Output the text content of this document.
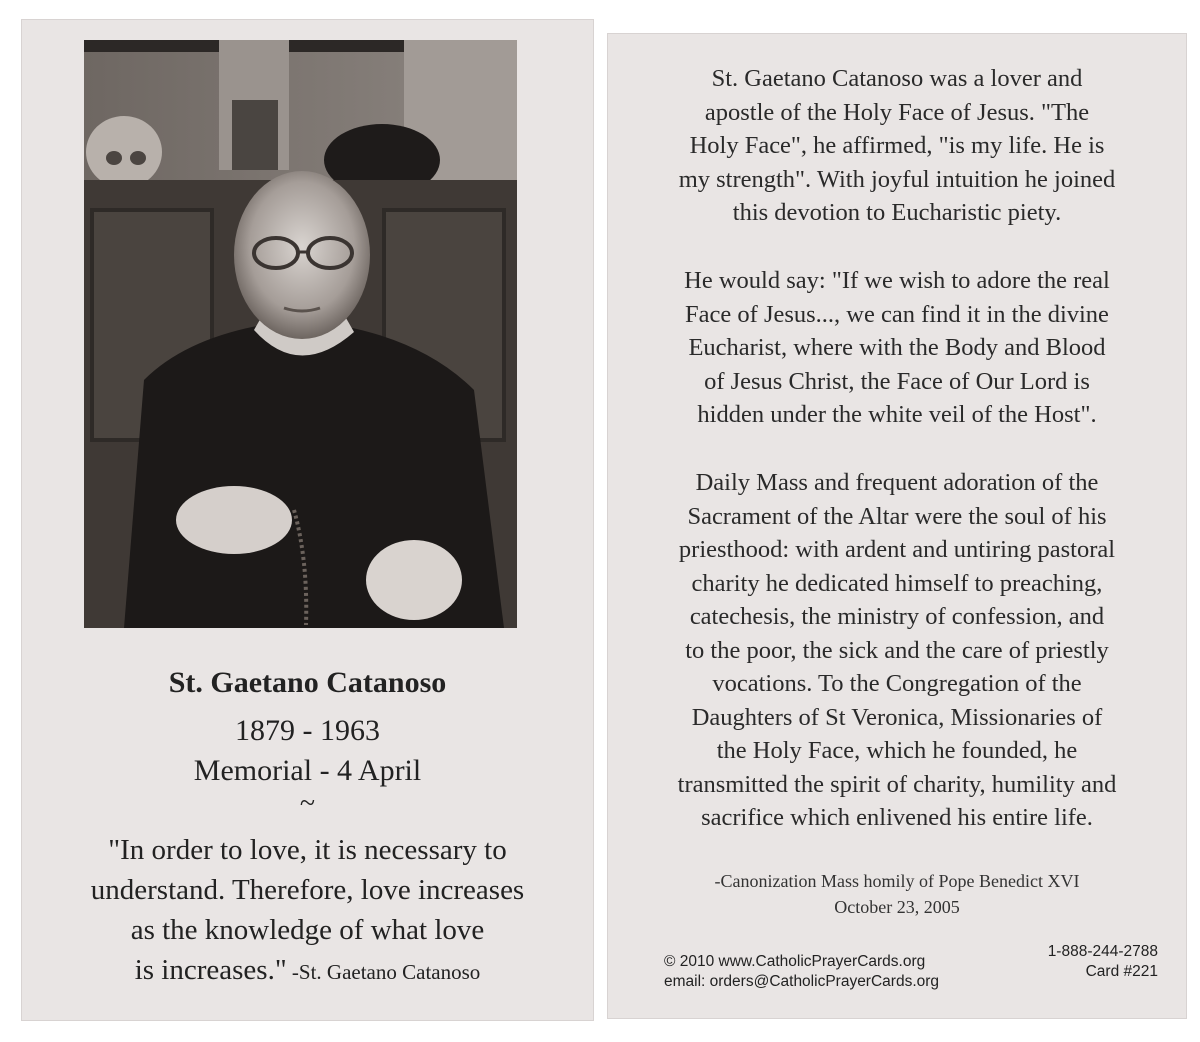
St. Gaetano Catanoso
1879 - 1963
Memorial - 4 April
~
"In order to love, it is necessary to
understand. Therefore, love increases
as the knowledge of what love
is increases." -St. Gaetano Catanoso
St. Gaetano Catanoso was a lover and
apostle of the Holy Face of Jesus. "The
Holy Face", he affirmed, "is my life. He is
my strength". With joyful intuition he joined
this devotion to Eucharistic piety.
He would say: "If we wish to adore the real
Face of Jesus..., we can find it in the divine
Eucharist, where with the Body and Blood
of Jesus Christ, the Face of Our Lord is
hidden under the white veil of the Host".
Daily Mass and frequent adoration of the
Sacrament of the Altar were the soul of his
priesthood: with ardent and untiring pastoral
charity he dedicated himself to preaching,
catechesis, the ministry of confession, and
to the poor, the sick and the care of priestly
vocations. To the Congregation of the
Daughters of St Veronica, Missionaries of
the Holy Face, which he founded, he
transmitted the spirit of charity, humility and
sacrifice which enlivened his entire life.
-Canonization Mass homily of Pope Benedict XVI
October 23, 2005
© 2010 www.CatholicPrayerCards.org
email: orders@CatholicPrayerCards.org
1-888-244-2788
Card #221
